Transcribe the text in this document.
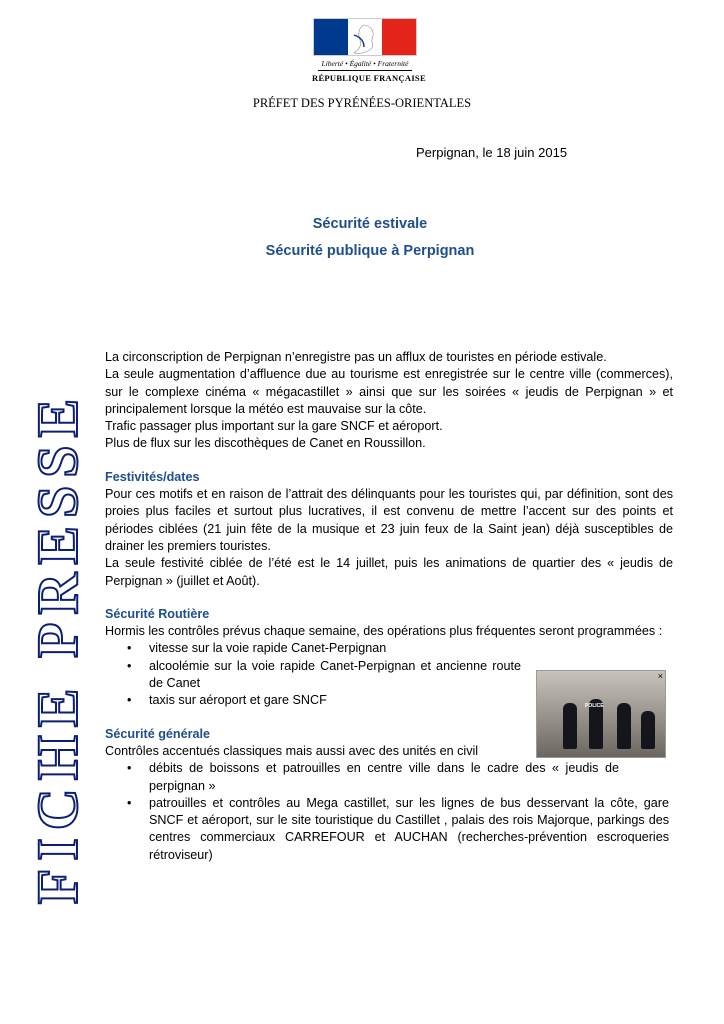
Liberté • Égalité • Fraternité
RÉPUBLIQUE FRANÇAISE
PRÉFET DES PYRÉNÉES-ORIENTALES
Perpignan, le 18 juin 2015
Sécurité estivale
Sécurité publique à Perpignan
FICHE PRESSE

La circonscription de Perpignan n’enregistre pas un afflux de touristes en période estivale.

La seule augmentation d’affluence due au tourisme est enregistrée sur le centre ville (commerces), sur le complexe cinéma « mégacastillet » ainsi que sur les soirées « jeudis de Perpignan » et principalement lorsque la météo est mauvaise sur la côte.

Trafic passager plus important sur la gare SNCF et aéroport.

Plus de flux sur les discothèques de Canet en Roussillon.

Festivités/dates

Pour ces motifs et en raison de l’attrait des délinquants pour les touristes qui, par définition, sont des proies plus faciles et surtout plus lucratives, il est convenu de mettre l’accent sur des points et périodes ciblées (21 juin fête de la musique et 23 juin feux de la Saint jean) déjà susceptibles de drainer les premiers touristes.

La seule festivité ciblée de l’été est le 14 juillet, puis les animations de quartier des « jeudis de Perpignan » (juillet et Août).

Sécurité Routière

Hormis les contrôles prévus chaque semaine, des opérations plus fréquentes seront programmées :

• vitesse sur la voie rapide Canet-Perpignan
• alcoolémie sur la voie rapide Canet-Perpignan et ancienne route de Canet
• taxis sur aéroport et gare SNCF
Sécurité générale

Contrôles accentués classiques mais aussi avec des unités en civil

• débits de boissons et patrouilles en centre ville dans le cadre des « jeudis de perpignan »
• patrouilles et contrôles au Mega castillet, sur les lignes de bus desservant la côte, gare SNCF et aéroport, sur le site touristique du Castillet , palais des rois Majorque, parkings des centres commerciaux CARREFOUR et AUCHAN (recherches-prévention escroqueries rétroviseur)
×
POLICE
